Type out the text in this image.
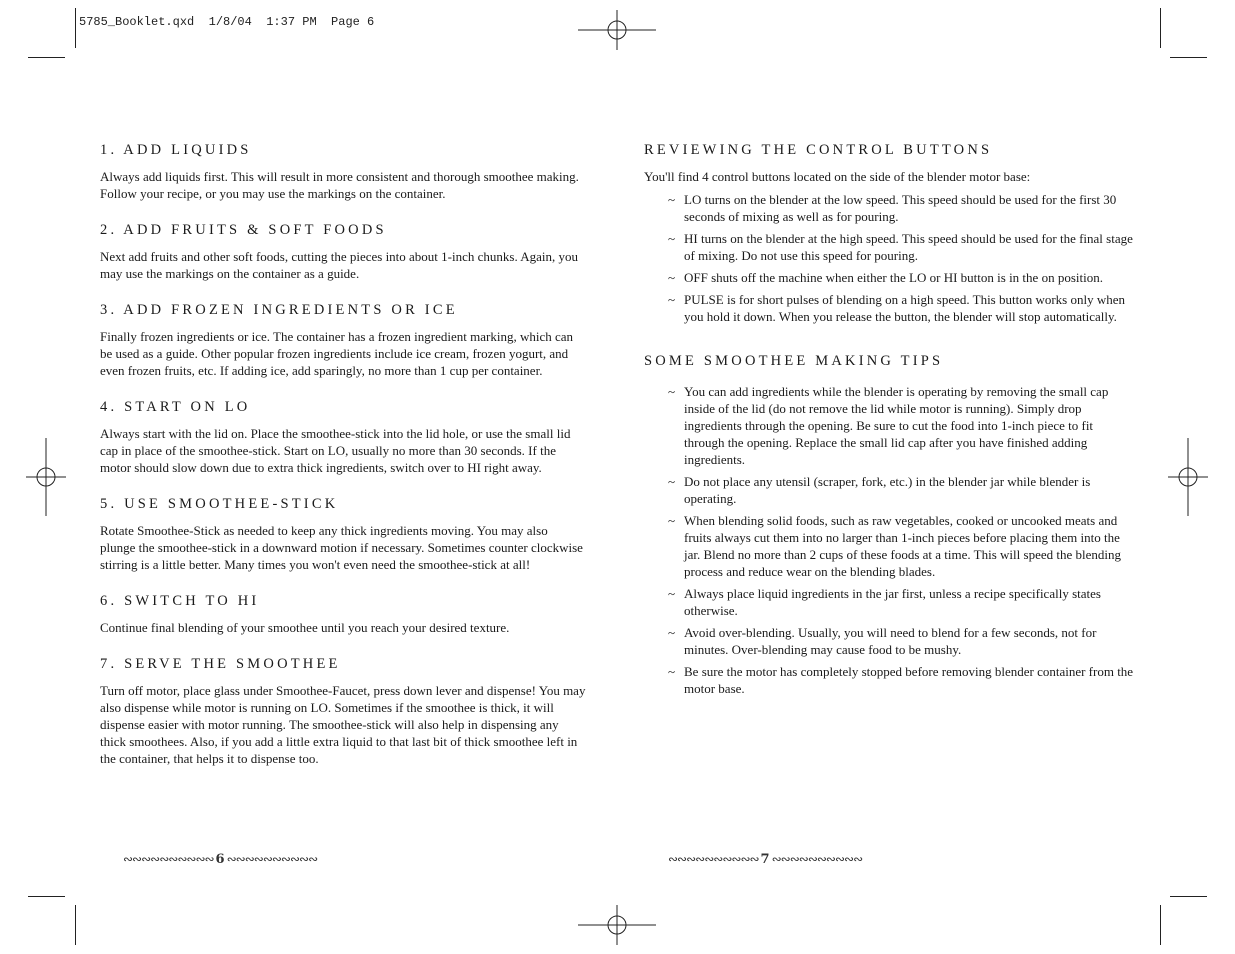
5785_Booklet.qxd  1/8/04  1:37 PM  Page 6
1. ADD LIQUIDS

Always add liquids first. This will result in more consistent and thorough smoothee making. Follow your recipe, or you may use the markings on the container.

2. ADD FRUITS & SOFT FOODS

Next add fruits and other soft foods, cutting the pieces into about 1-inch chunks. Again, you may use the markings on the container as a guide.

3. ADD FROZEN INGREDIENTS OR ICE

Finally frozen ingredients or ice. The container has a frozen ingredient marking, which can be used as a guide. Other popular frozen ingredients include ice cream, frozen yogurt, and even frozen fruits, etc. If adding ice, add sparingly, no more than 1 cup per container.

4. START ON LO

Always start with the lid on. Place the smoothee-stick into the lid hole, or use the small lid cap in place of the smoothee-stick. Start on LO, usually no more than 30 seconds. If the motor should slow down due to extra thick ingredients, switch over to HI right away.

5. USE SMOOTHEE-STICK

Rotate Smoothee-Stick as needed to keep any thick ingredients moving. You may also plunge the smoothee-stick in a downward motion if necessary. Sometimes counter clockwise stirring is a little better. Many times you won't even need the smoothee-stick at all!

6. SWITCH TO HI

Continue final blending of your smoothee until you reach your desired texture.

7. SERVE THE SMOOTHEE

Turn off motor, place glass under Smoothee-Faucet, press down lever and dispense! You may also dispense while motor is running on LO. Sometimes if the smoothee is thick, it will dispense easier with motor running. The smoothee-stick will also help in dispensing any thick smoothees. Also, if you add a little extra liquid to that last bit of thick smoothee left in the container, that helps it to dispense too.

∾∾∾∾∾∾∾∾∾∾ 6 ∾∾∾∾∾∾∾∾∾∾
REVIEWING THE CONTROL BUTTONS

You'll find 4 control buttons located on the side of the blender motor base:

~ LO turns on the blender at the low speed. This speed should be used for the first 30 seconds of mixing as well as for pouring.
~ HI turns on the blender at the high speed. This speed should be used for the final stage of mixing. Do not use this speed for pouring.
~ OFF shuts off the machine when either the LO or HI button is in the on position.
~ PULSE is for short pulses of blending on a high speed. This button works only when you hold it down. When you release the button, the blender will stop automatically.
SOME SMOOTHEE MAKING TIPS
~ You can add ingredients while the blender is operating by removing the small cap inside of the lid (do not remove the lid while motor is running). Simply drop ingredients through the opening. Be sure to cut the food into 1-inch piece to fit through the opening. Replace the small lid cap after you have finished adding ingredients.
~ Do not place any utensil (scraper, fork, etc.) in the blender jar while blender is operating.
~ When blending solid foods, such as raw vegetables, cooked or uncooked meats and fruits always cut them into no larger than 1-inch pieces before placing them into the jar. Blend no more than 2 cups of these foods at a time. This will speed the blending process and reduce wear on the blending blades.
~ Always place liquid ingredients in the jar first, unless a recipe specifically states otherwise.
~ Avoid over-blending. Usually, you will need to blend for a few seconds, not for minutes. Over-blending may cause food to be mushy.
~ Be sure the motor has completely stopped before removing blender container from the motor base.
∾∾∾∾∾∾∾∾∾∾ 7 ∾∾∾∾∾∾∾∾∾∾
